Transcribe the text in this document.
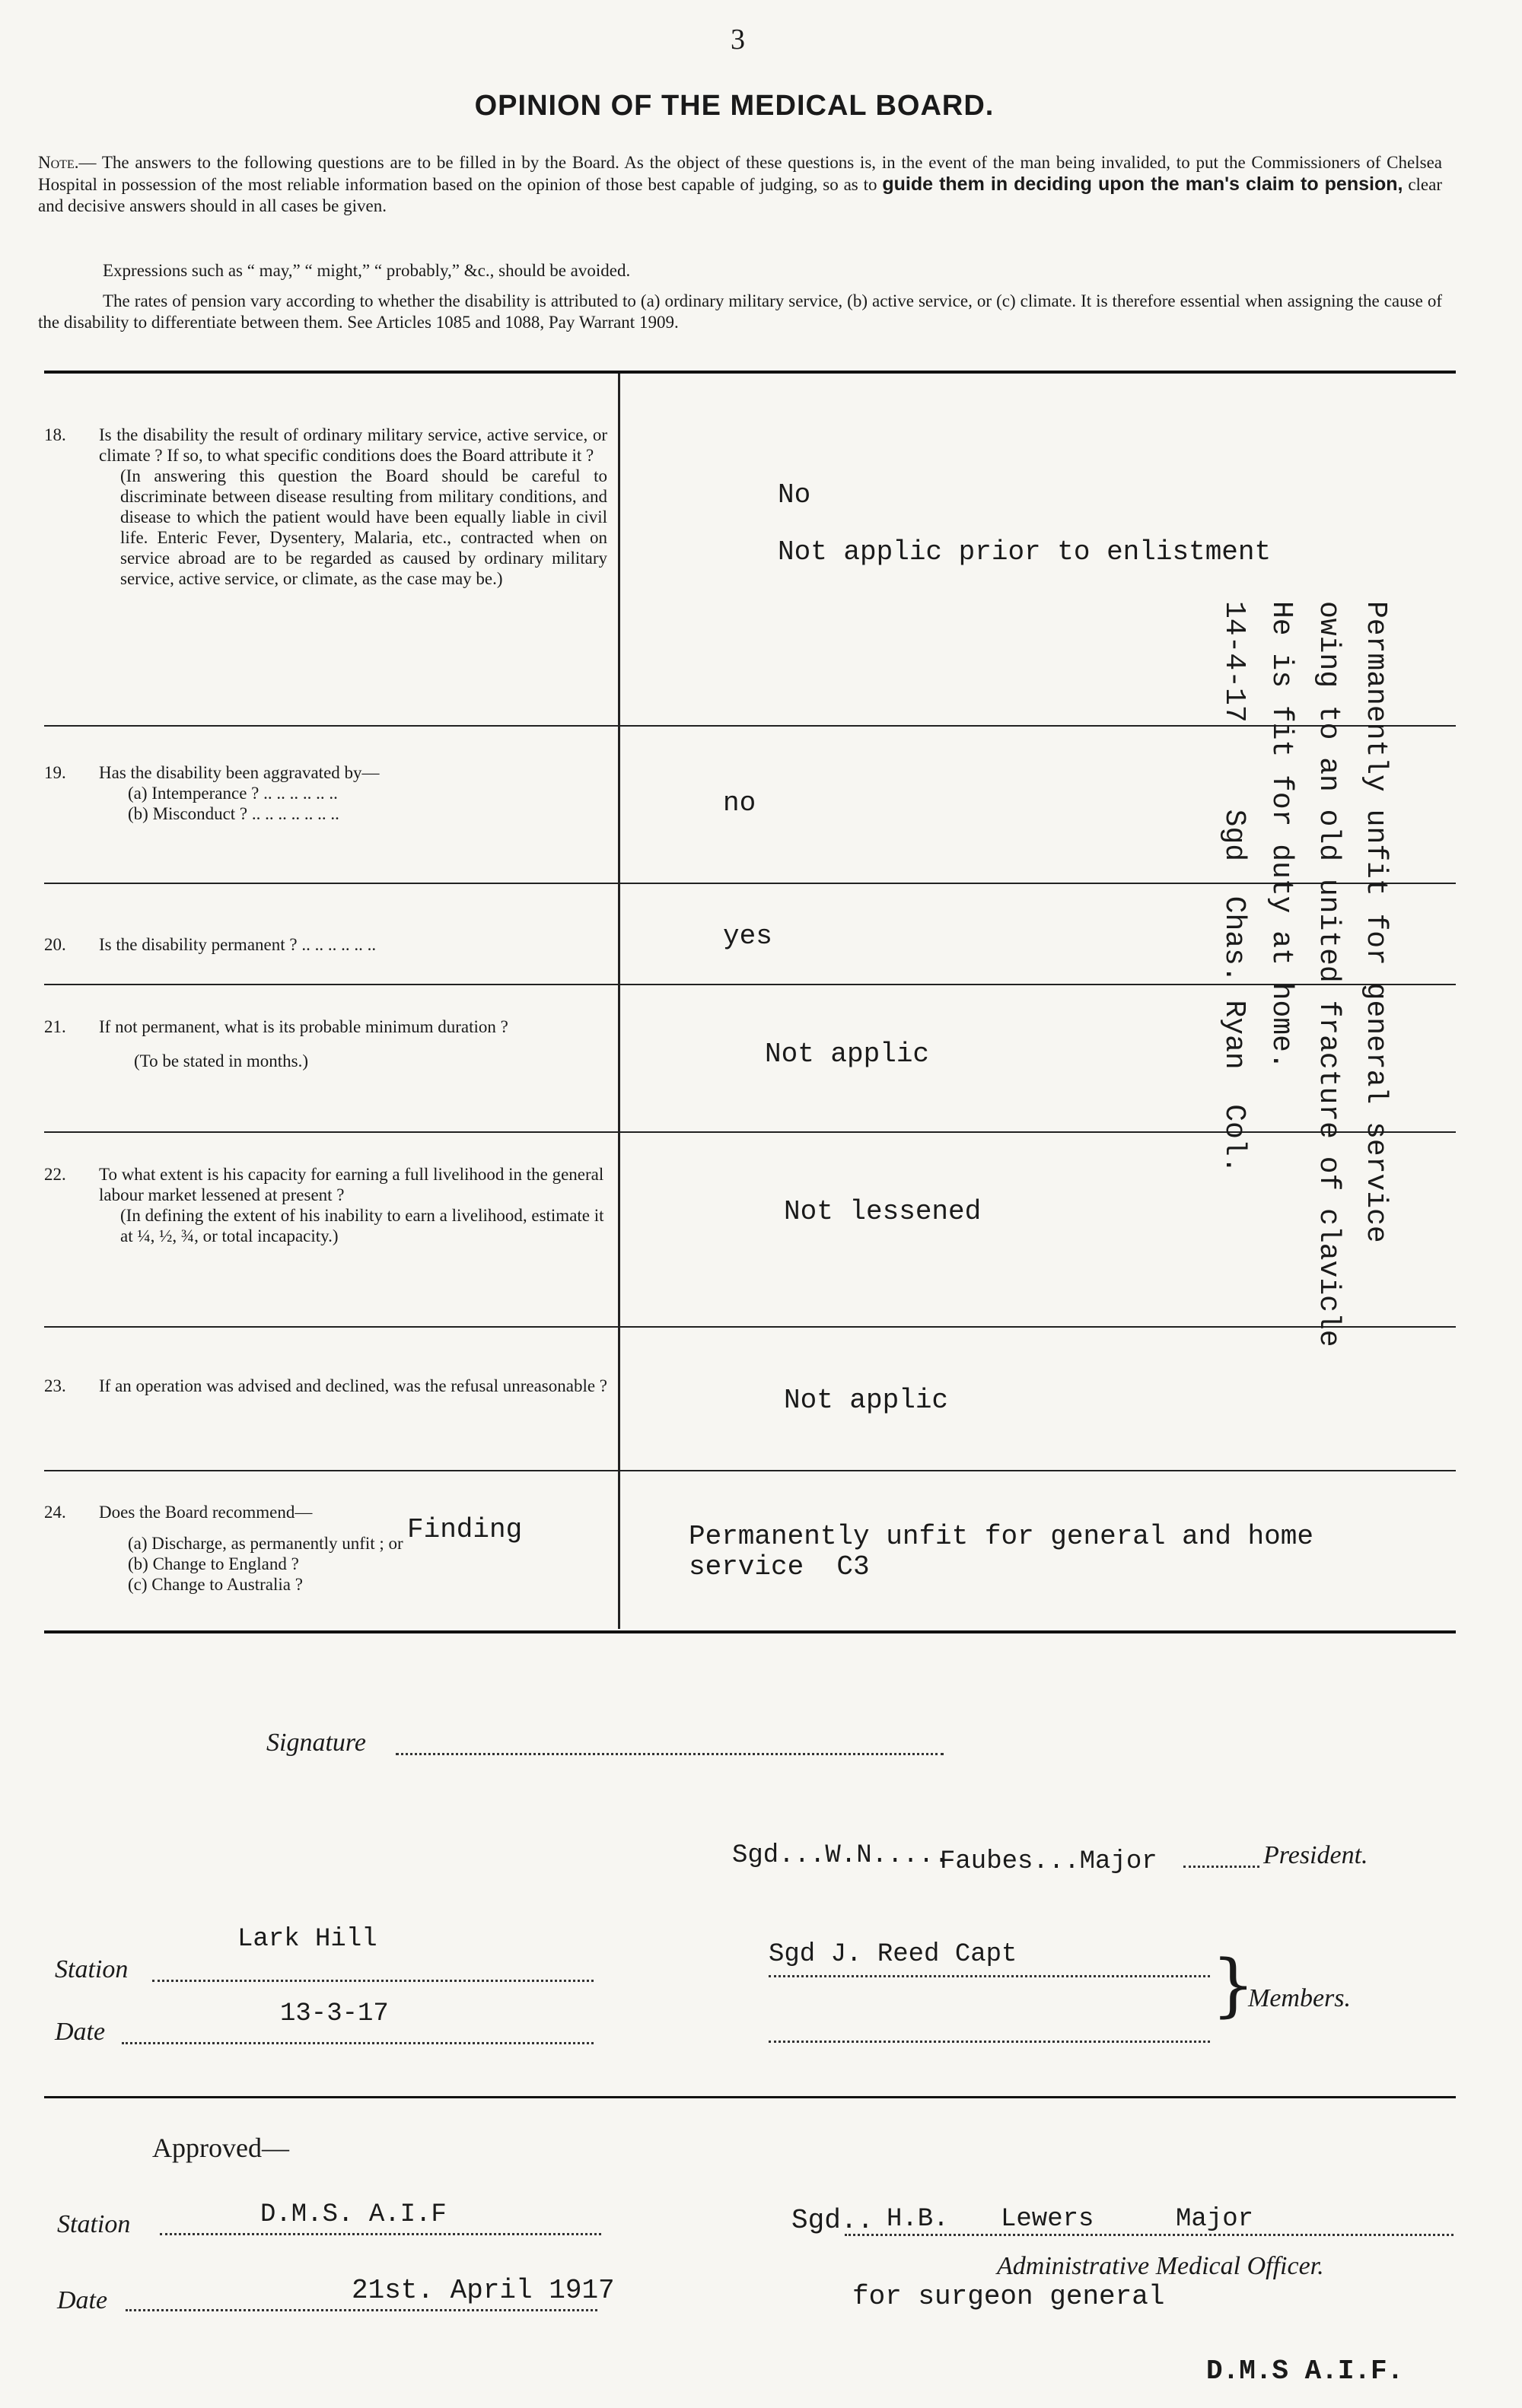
3
OPINION OF THE MEDICAL BOARD.
Note.— The answers to the following questions are to be filled in by the Board. As the object of these questions is, in the event of the man being invalided, to put the Commissioners of Chelsea Hospital in possession of the most reliable information based on the opinion of those best capable of judging, so as to guide them in deciding upon the man's claim to pension, clear and decisive answers should in all cases be given.
Expressions such as “ may,” “ might,” “ probably,” &c., should be avoided.
The rates of pension vary according to whether the disability is attributed to (a) ordinary military service, (b) active service, or (c) climate. It is therefore essential when assigning the cause of the disability to differentiate between them. See Articles 1085 and 1088, Pay Warrant 1909.
18.	Is the disability the result of ordinary military service, active service, or climate ? If so, to what specific conditions does the Board attribute it ?
(In answering this question the Board should be careful to discriminate between disease resulting from military conditions, and disease to which the patient would have been equally liable in civil life. Enteric Fever, Dysentery, Malaria, etc., contracted when on service abroad are to be regarded as caused by ordinary military service, active service, or climate, as the case may be.)
No
Not applic prior to enlistment
19.	Has the disability been aggravated by—
(a) Intemperance ? .. .. .. .. .. ..
(b) Misconduct ? .. .. .. .. .. .. ..	no
20.	Is the disability permanent ? .. .. .. .. .. ..	yes
21.	If not permanent, what is its probable minimum duration ?
(To be stated in months.)	Not applic
22.	To what extent is his capacity for earning a full livelihood in the general labour market lessened at present ?
(In defining the extent of his inability to earn a livelihood, estimate it at ¼, ½, ¾, or total incapacity.)
Not lessened
23.	If an operation was advised and declined, was the refusal unreasonable ?	Not applic
24.	Does the Board recommend—
(a) Discharge, as permanently unfit ; or
(b) Change to England ?
(c) Change to Australia ?
Finding	Permanently unfit for general and home
service  C3
Permanently unfit for general service
owing to an old united fracture of clavicle
He is fit for duty at home.
14-4-17     Sgd  Chas. Ryan  Col.
Signature
Sgd...W.N.....
Faubes...Major	President.
Station
Lark Hill
Date
13-3-17
Sgd J. Reed Capt	}
Members.
Approved—
Station	D.M.S. A.I.F
Date	21st. April 1917
Sgd.. H.B. Lewers	Major
Administrative Medical Officer.
for surgeon general
D.M.S A.I.F.
